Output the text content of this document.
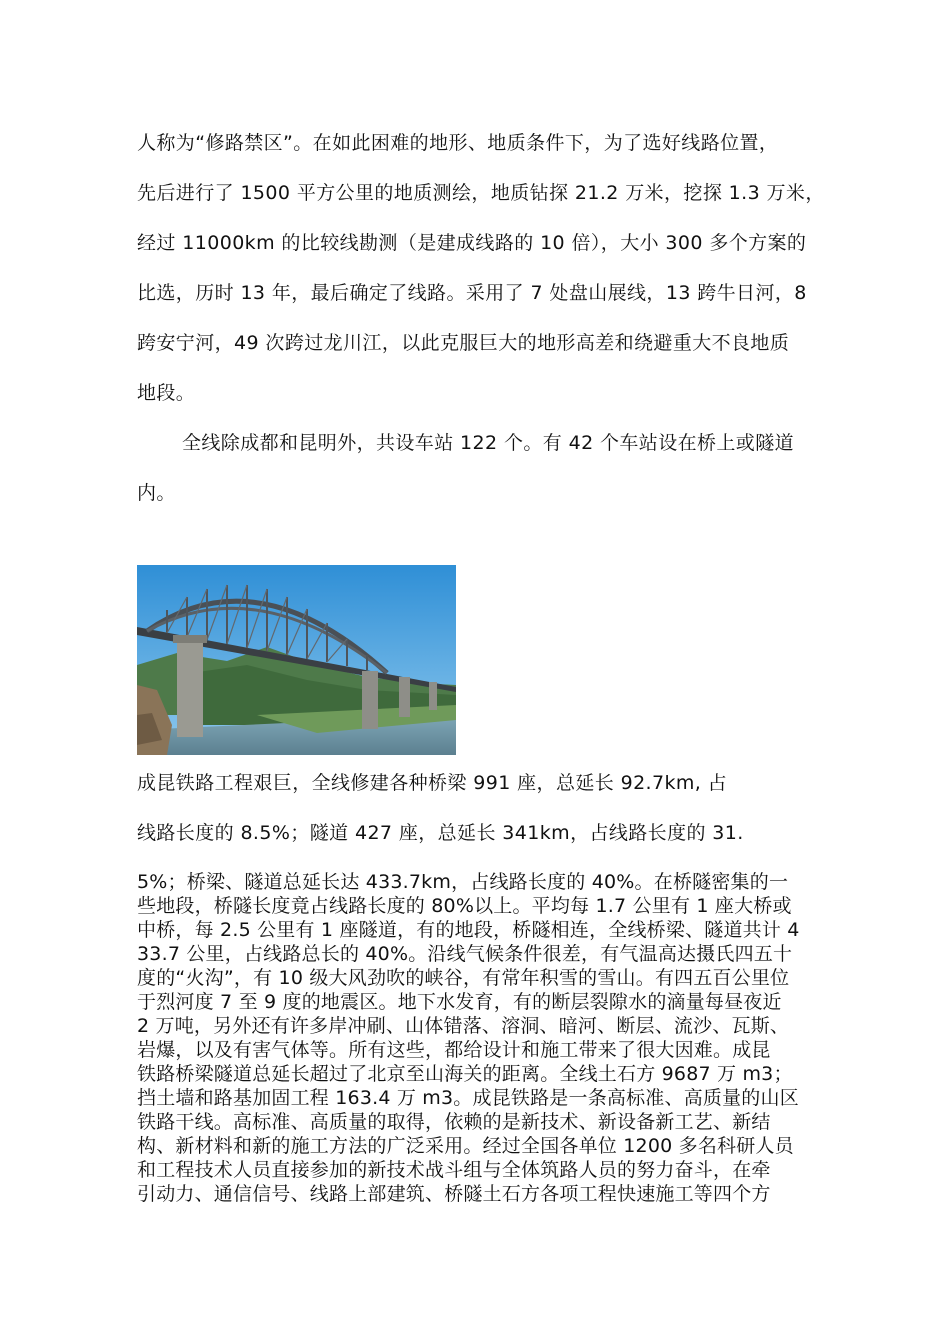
人称为“修路禁区”。在如此困难的地形、地质条件下，为了选好线路位置，

先后进行了 1500 平方公里的地质测绘，地质钻探 21.2 万米，挖探 1.3 万米，

经过 11000km 的比较线勘测（是建成线路的 10 倍），大小 300 多个方案的

比选，历时 13 年，最后确定了线路。采用了 7 处盘山展线，13 跨牛日河，8

跨安宁河，49 次跨过龙川江，以此克服巨大的地形高差和绕避重大不良地质

地段。

全线除成都和昆明外，共设车站 122 个。有 42 个车站设在桥上或隧道

内。

成昆铁路工程艰巨，全线修建各种桥梁 991 座，总延长 92.7km, 占

线路长度的 8.5%；隧道 427 座，总延长 341km，占线路长度的 31.

5%；桥梁、隧道总延长达 433.7km，占线路长度的 40%。在桥隧密集的一

些地段，桥隧长度竟占线路长度的 80%以上。平均每 1.7 公里有 1 座大桥或

中桥，每 2.5 公里有 1 座隧道，有的地段，桥隧相连，全线桥梁、隧道共计 4

33.7 公里，占线路总长的 40%。沿线气候条件很差，有气温高达摄氏四五十

度的“火沟”，有 10 级大风劲吹的峡谷，有常年积雪的雪山。有四五百公里位

于烈河度 7 至 9 度的地震区。地下水发育，有的断层裂隙水的滴量每昼夜近

2 万吨，另外还有许多岸冲刷、山体错落、溶洞、暗河、断层、流沙、瓦斯、

岩爆，以及有害气体等。所有这些，都给设计和施工带来了很大因难。成昆

铁路桥梁隧道总延长超过了北京至山海关的距离。全线土石方 9687 万 m3；

挡土墙和路基加固工程 163.4 万 m3。成昆铁路是一条高标准、高质量的山区

铁路干线。高标准、高质量的取得，依赖的是新技术、新设备新工艺、新结

构、新材料和新的施工方法的广泛采用。经过全国各单位 1200 多名科研人员

和工程技术人员直接参加的新技术战斗组与全体筑路人员的努力奋斗，在牵

引动力、通信信号、线路上部建筑、桥隧土石方各项工程快速施工等四个方
